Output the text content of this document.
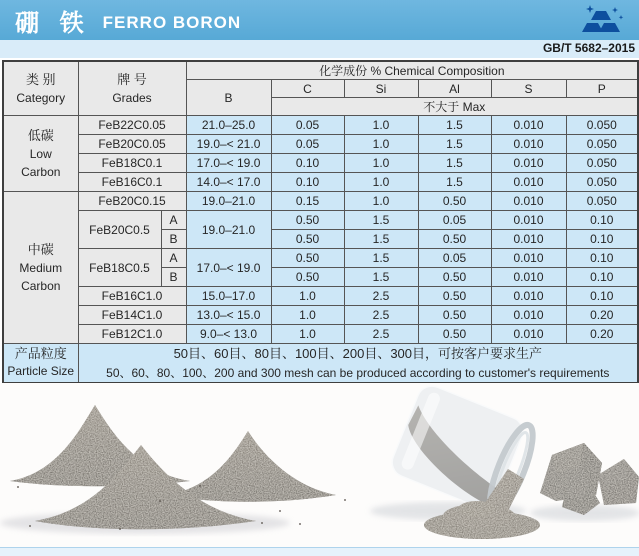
硼 铁 FERRO BORON
GB/T 5682–2015
类 别
Category

牌 号
Grades
	化学成份 % Chemical Composition
			B	C	Si	Al	S	P
				不大于 Max				

低碳
Low
Carbon	FeB22C0.05		21.0–25.0	0.05	1.0	1.5	0.010	0.050
	FeB20C0.05		19.0–< 21.0	0.05	1.0	1.5	0.010	0.050
	FeB18C0.1		17.0–< 19.0	0.10	1.0	1.5	0.010	0.050
	FeB16C0.1		14.0–< 17.0	0.10	1.0	1.5	0.010	0.050

中碳
Medium
Carbon	FeB20C0.15		19.0–21.0	0.15	1.0	0.50	0.010	0.050
	FeB20C0.5	A	19.0–21.0	0.50	1.5	0.05	0.010	0.10
		B		0.50	1.5	0.50	0.010	0.10
	FeB18C0.5	A	17.0–< 19.0	0.50	1.5	0.05	0.010	0.10
		B		0.50	1.5	0.50	0.010	0.10
	FeB16C1.0		15.0–17.0	1.0	2.5	0.50	0.010	0.10
	FeB14C1.0		13.0–< 15.0	1.0	2.5	0.50	0.010	0.20
	FeB12C1.0		9.0–< 13.0	1.0	2.5	0.50	0.010	0.20

产品粒度
Particle Size

50目、60目、80目、100目、200目、300目，可按客户要求生产
50、60、80、100、200 and 300 mesh can be produced according to customer's requirements
